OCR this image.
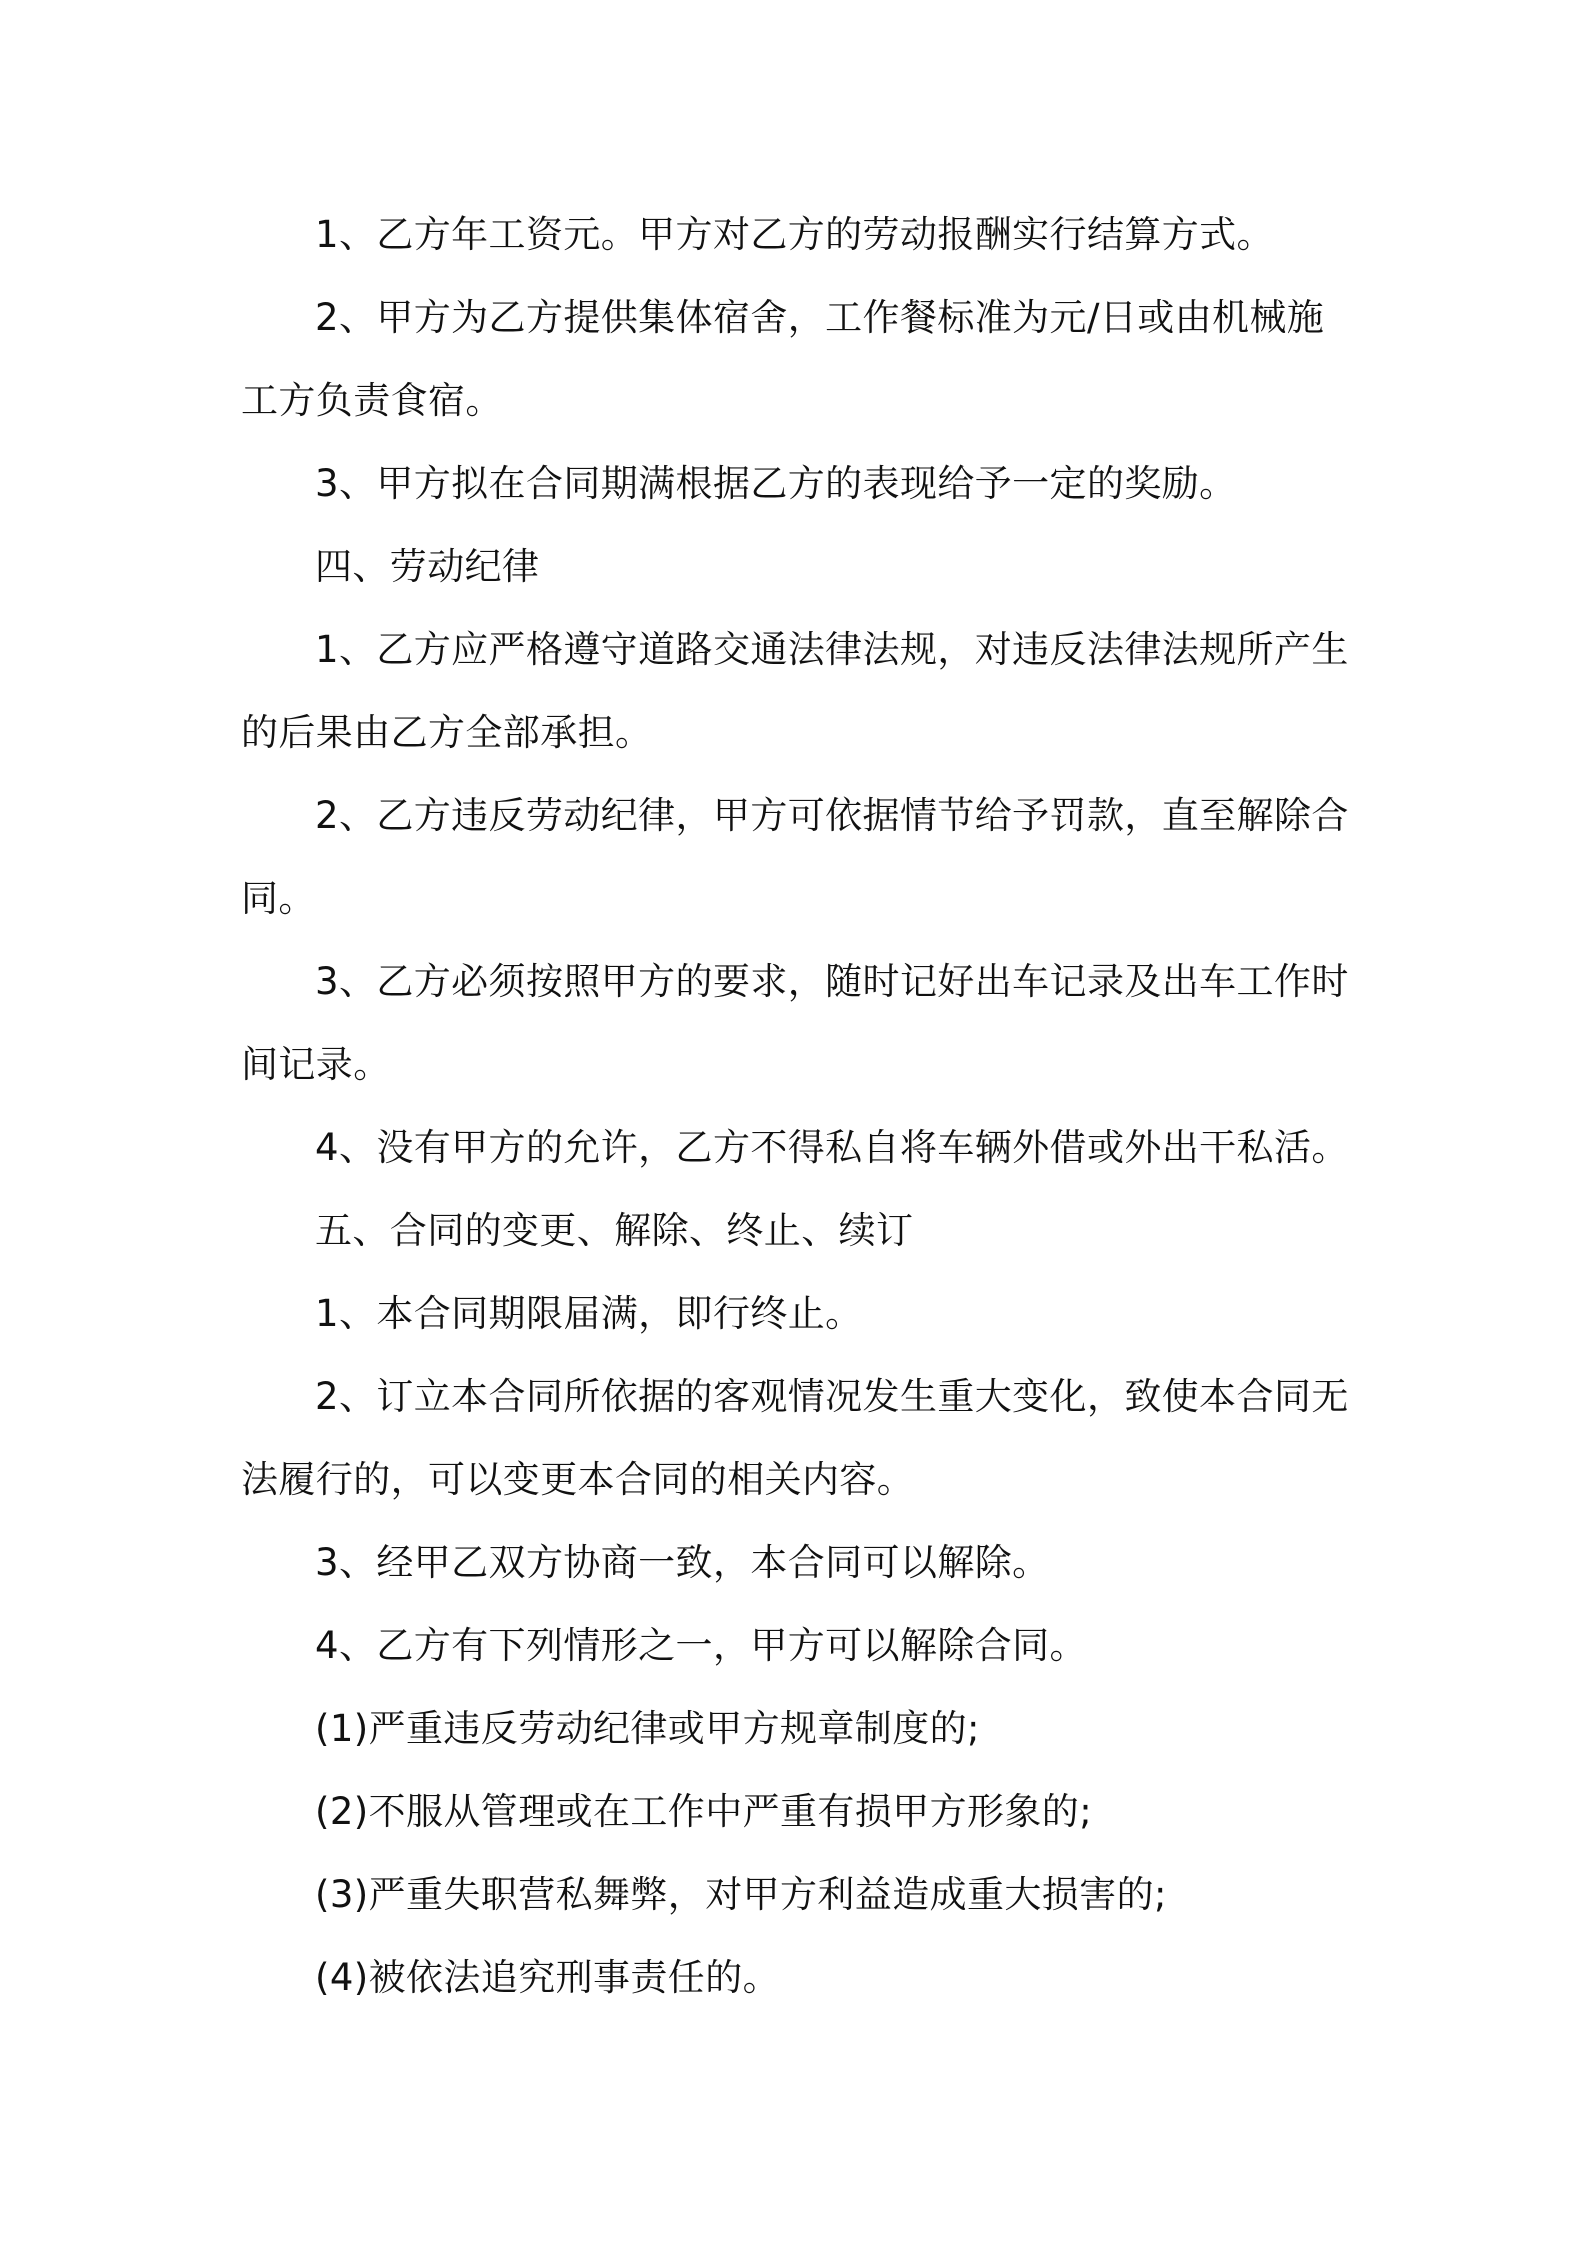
1、乙方年工资元。甲方对乙方的劳动报酬实行结算方式。

2、甲方为乙方提供集体宿舍，工作餐标准为元/日或由机械施工方负责食宿。

3、甲方拟在合同期满根据乙方的表现给予一定的奖励。

四、劳动纪律

1、乙方应严格遵守道路交通法律法规，对违反法律法规所产生的后果由乙方全部承担。

2、乙方违反劳动纪律，甲方可依据情节给予罚款，直至解除合同。

3、乙方必须按照甲方的要求，随时记好出车记录及出车工作时间记录。

4、没有甲方的允许，乙方不得私自将车辆外借或外出干私活。

五、合同的变更、解除、终止、续订

1、本合同期限届满，即行终止。

2、订立本合同所依据的客观情况发生重大变化，致使本合同无法履行的，可以变更本合同的相关内容。

3、经甲乙双方协商一致，本合同可以解除。

4、乙方有下列情形之一，甲方可以解除合同。

(1)严重违反劳动纪律或甲方规章制度的;

(2)不服从管理或在工作中严重有损甲方形象的;

(3)严重失职营私舞弊，对甲方利益造成重大损害的;

(4)被依法追究刑事责任的。
